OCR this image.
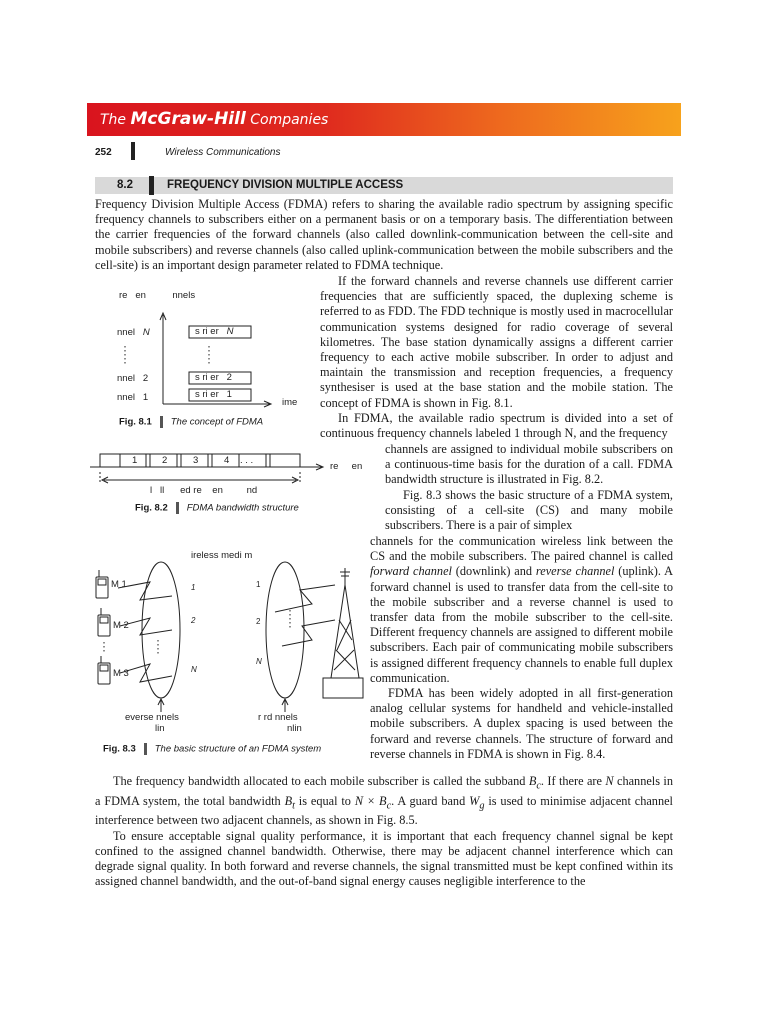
The McGraw-Hill Companies
252	Wireless Communications
8.2	FREQUENCY DIVISION MULTIPLE ACCESS

Frequency Division Multiple Access (FDMA) refers to sharing the available radio spectrum by assigning specific frequency channels to subscribers either on a permanent basis or on a temporary basis. The differentiation between the carrier frequencies of the forward channels (also called downlink-communication between the cell-site and mobile subscribers) and reverse channels (also called uplink-communication between the mobile subscribers and the cell-site) is an important design parameter related to FDMA technique.

If the forward channels and reverse channels use different carrier frequencies that are sufficiently spaced, the duplexing scheme is referred to as FDD. The FDD technique is mostly used in macrocellular communication systems designed for radio coverage of several kilometres. The base station dynamically assigns a different carrier frequency to each active mobile subscriber. In order to adjust and maintain the transmission and reception frequencies, a frequency synthesiser is used at the base station and the mobile station. The concept of FDMA is shown in Fig. 8.1.

In FDMA, the available radio spectrum is divided into a set of continuous frequency channels labeled 1 through N, and the frequency

channels are assigned to individual mobile subscribers on a continuous-time basis for the duration of a call. FDMA bandwidth structure is illustrated in Fig. 8.2.

Fig. 8.3 shows the basic structure of a FDMA system, consisting of a cell-site (CS) and many mobile subscribers. There is a pair of simplex

channels for the communication wireless link between the CS and the mobile subscribers. The paired channel is called forward channel (downlink) and reverse channel (uplink). A forward channel is used to transfer data from the cell-site to the mobile subscriber and a reverse channel is used to transfer data from the mobile subscriber to the cell-site. Different frequency channels are assigned to different mobile subscribers. Each pair of communicating mobile subscribers is assigned different frequency channels to enable full duplex communication.

FDMA has been widely adopted in all first-generation analog cellular systems for handheld and vehicle-installed mobile subscribers. A duplex spacing is used between the forward and reverse channels. The structure of forward and reverse channels in FDMA is shown in Fig. 8.4.

The frequency bandwidth allocated to each mobile subscriber is called the subband $B_c$. If there are N channels in a FDMA system, the total bandwidth $B_t$ is equal to $N \times B_c$. A guard band $W_g$ is used to minimise adjacent channel interference between two adjacent channels, as shown in Fig. 8.5.

To ensure acceptable signal quality performance, it is important that each frequency channel signal be kept confined to the assigned channel bandwidth. Otherwise, there may be adjacent channel interference which can degrade signal quality. In both forward and reverse channels, the signal transmitted must be kept confined within its assigned channel bandwidth, and the out-of-band signal energy causes negligible interference to the

re en	nnels
nnel N
nnel 2
nnel 1
s ri er N
s ri er 2
s ri er 1
ime
Fig. 8.1 The concept of FDMA
1	2	3	4 . . .
re en
l   ll      ed re    en         nd
Fig. 8.2 FDMA bandwidth structure
ireless medi m
M 1
M 2
M 3
1
2
N
1
2
N
everse nnels
lin
r rd nnels
nlin
Fig. 8.3 The basic structure of an FDMA system
